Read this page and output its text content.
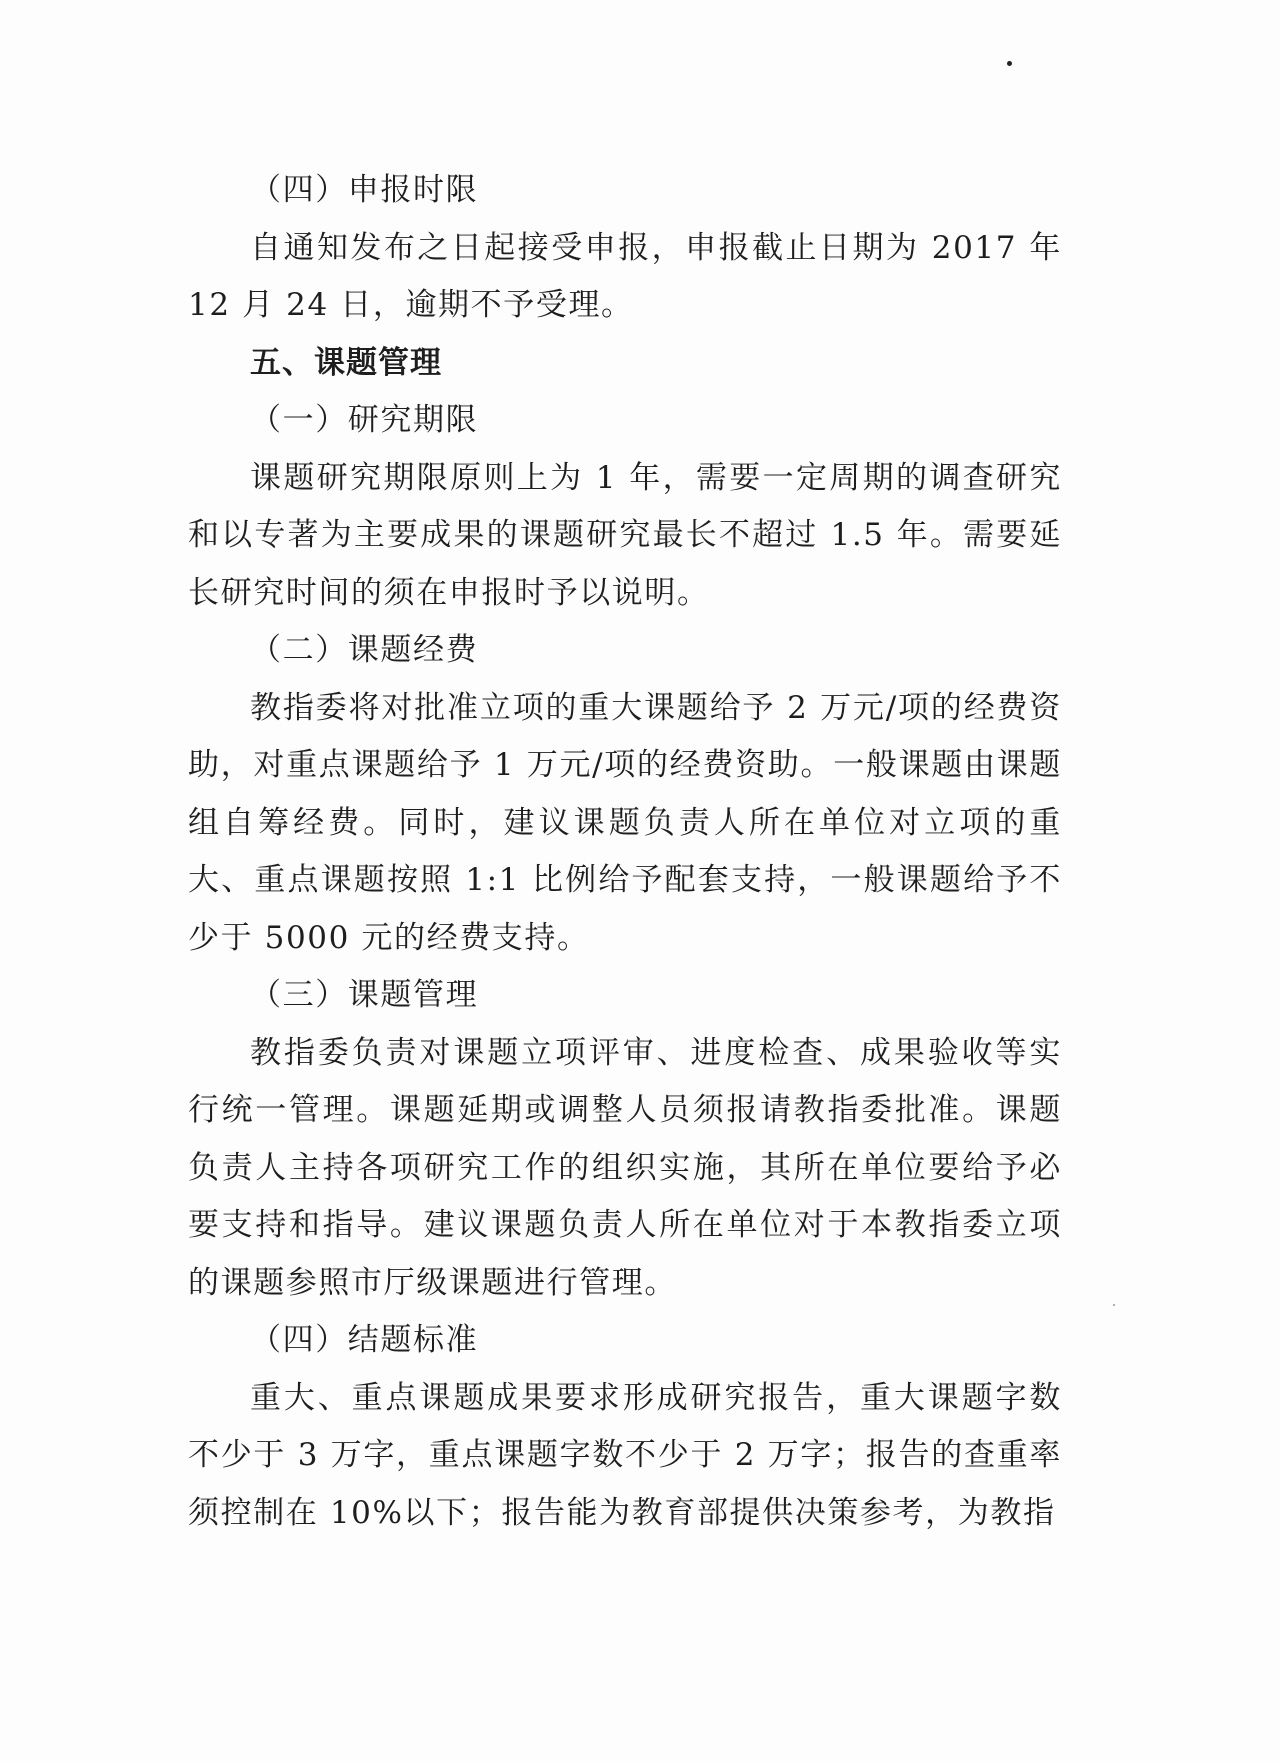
（四）申报时限

自通知发布之日起接受申报，申报截止日期为 2017 年 12 月 24 日，逾期不予受理。

五、课题管理

（一）研究期限

课题研究期限原则上为 1 年，需要一定周期的调查研究和以专著为主要成果的课题研究最长不超过 1.5 年。需要延长研究时间的须在申报时予以说明。

（二）课题经费

教指委将对批准立项的重大课题给予 2 万元/项的经费资助，对重点课题给予 1 万元/项的经费资助。一般课题由课题组自筹经费。同时，建议课题负责人所在单位对立项的重大、重点课题按照 1:1 比例给予配套支持，一般课题给予不少于 5000 元的经费支持。

（三）课题管理

教指委负责对课题立项评审、进度检查、成果验收等实行统一管理。课题延期或调整人员须报请教指委批准。课题负责人主持各项研究工作的组织实施，其所在单位要给予必要支持和指导。建议课题负责人所在单位对于本教指委立项的课题参照市厅级课题进行管理。

（四）结题标准

重大、重点课题成果要求形成研究报告，重大课题字数不少于 3 万字，重点课题字数不少于 2 万字；报告的查重率须控制在 10%以下；报告能为教育部提供决策参考，为教指
